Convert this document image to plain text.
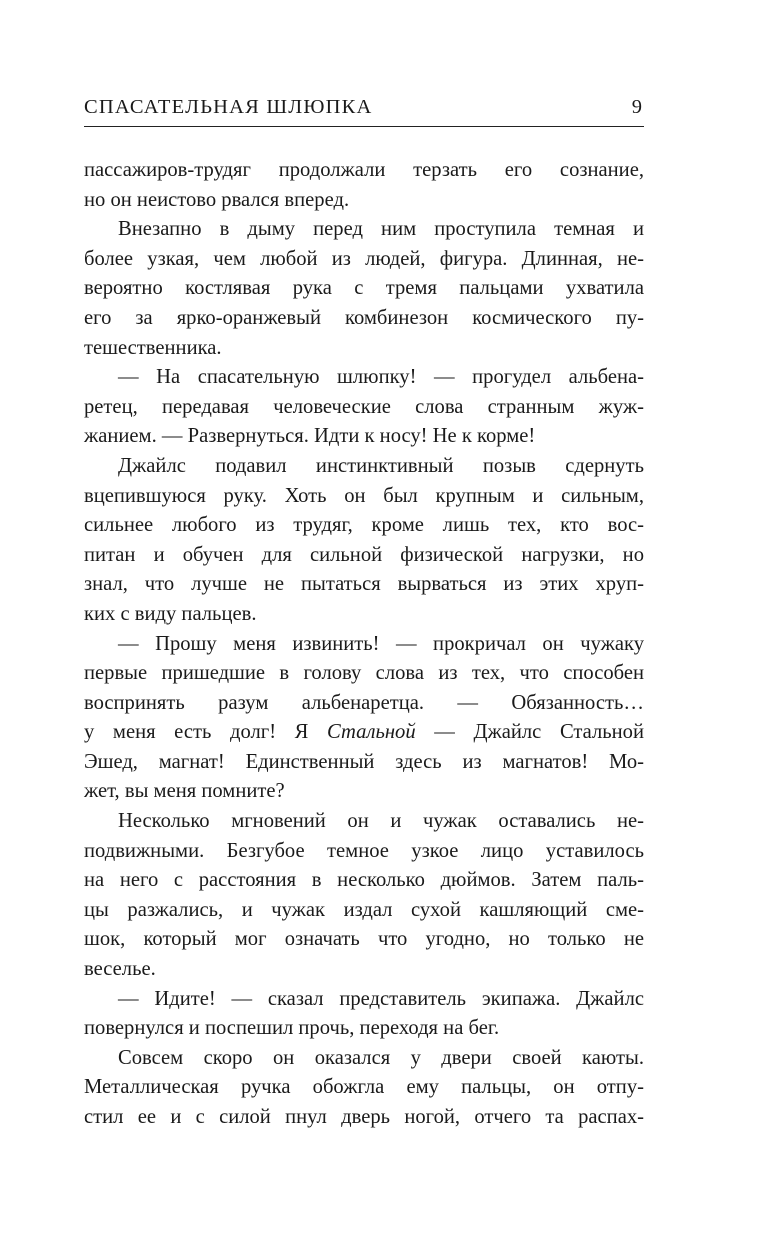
СПАСАТЕЛЬНАЯ ШЛЮПКА	9
пассажиров-трудяг продолжали терзать его сознание,
но он неистово рвался вперед.
Внезапно в дыму перед ним проступила темная и
более узкая, чем любой из людей, фигура. Длинная, не-
вероятно костлявая рука с тремя пальцами ухватила
его за ярко-оранжевый комбинезон космического пу-
тешественника.
— На спасательную шлюпку! — прогудел альбена-
ретец, передавая человеческие слова странным жуж-
жанием. — Развернуться. Идти к носу! Не к корме!
Джайлс подавил инстинктивный позыв сдернуть
вцепившуюся руку. Хоть он был крупным и сильным,
сильнее любого из трудяг, кроме лишь тех, кто вос-
питан и обучен для сильной физической нагрузки, но
знал, что лучше не пытаться вырваться из этих хруп-
ких с виду пальцев.
— Прошу меня извинить! — прокричал он чужаку
первые пришедшие в голову слова из тех, что способен
воспринять разум альбенаретца. — Обязанность…
у меня есть долг! Я Стальной — Джайлс Стальной
Эшед, магнат! Единственный здесь из магнатов! Мо-
жет, вы меня помните?
Несколько мгновений он и чужак оставались не-
подвижными. Безгубое темное узкое лицо уставилось
на него с расстояния в несколько дюймов. Затем паль-
цы разжались, и чужак издал сухой кашляющий сме-
шок, который мог означать что угодно, но только не
веселье.
— Идите! — сказал представитель экипажа. Джайлс
повернулся и поспешил прочь, переходя на бег.
Совсем скоро он оказался у двери своей каюты.
Металлическая ручка обожгла ему пальцы, он отпу-
стил ее и с силой пнул дверь ногой, отчего та распах-
